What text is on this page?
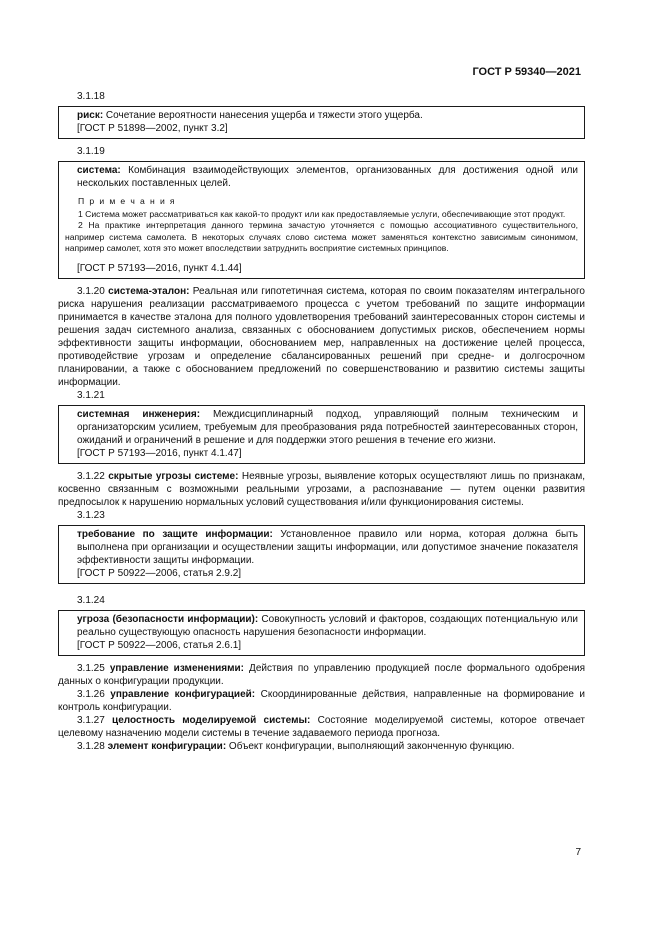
ГОСТ Р 59340—2021
3.1.18

риск: Сочетание вероятности нанесения ущерба и тяжести этого ущерба.

[ГОСТ Р 51898—2002, пункт 3.2]

3.1.19

система: Комбинация взаимодействующих элементов, организованных для достижения одной или нескольких поставленных целей.

П р и м е ч а н и я

1 Система может рассматриваться как какой-то продукт или как предоставляемые услуги, обеспечивающие этот продукт.

2 На практике интерпретация данного термина зачастую уточняется с помощью ассоциативного существительного, например система самолета. В некоторых случаях слово система может заменяться контекстно зависимым синонимом, например самолет, хотя это может впоследствии затруднить восприятие системных принципов.

[ГОСТ Р 57193—2016, пункт 4.1.44]

3.1.20 система-эталон: Реальная или гипотетичная система, которая по своим показателям интегрального риска нарушения реализации рассматриваемого процесса с учетом требований по защите информации принимается в качестве эталона для полного удовлетворения требований заинтересованных сторон системы и решения задач системного анализа, связанных с обоснованием допустимых рисков, обеспечением нормы эффективности защиты информации, обоснованием мер, направленных на достижение целей процесса, противодействие угрозам и определение сбалансированных решений при средне- и долгосрочном планировании, а также с обоснованием предложений по совершенствованию и развитию системы защиты информации.

3.1.21

системная инженерия: Междисциплинарный подход, управляющий полным техническим и организаторским усилием, требуемым для преобразования ряда потребностей заинтересованных сторон, ожиданий и ограничений в решение и для поддержки этого решения в течение его жизни.

[ГОСТ Р 57193—2016, пункт 4.1.47]

3.1.22 скрытые угрозы системе: Неявные угрозы, выявление которых осуществляют лишь по признакам, косвенно связанным с возможными реальными угрозами, а распознавание — путем оценки развития предпосылок к нарушению нормальных условий существования и/или функционирования системы.

3.1.23

требование по защите информации: Установленное правило или норма, которая должна быть выполнена при организации и осуществлении защиты информации, или допустимое значение показателя эффективности защиты информации.

[ГОСТ Р 50922—2006, статья 2.9.2]

3.1.24

угроза (безопасности информации): Совокупность условий и факторов, создающих потенциальную или реально существующую опасность нарушения безопасности информации.

[ГОСТ Р 50922—2006, статья 2.6.1]

3.1.25 управление изменениями: Действия по управлению продукцией после формального одобрения данных о конфигурации продукции.

3.1.26 управление конфигурацией: Скоординированные действия, направленные на формирование и контроль конфигурации.

3.1.27 целостность моделируемой системы: Состояние моделируемой системы, которое отвечает целевому назначению модели системы в течение задаваемого периода прогноза.

3.1.28 элемент конфигурации: Объект конфигурации, выполняющий законченную функцию.

7
